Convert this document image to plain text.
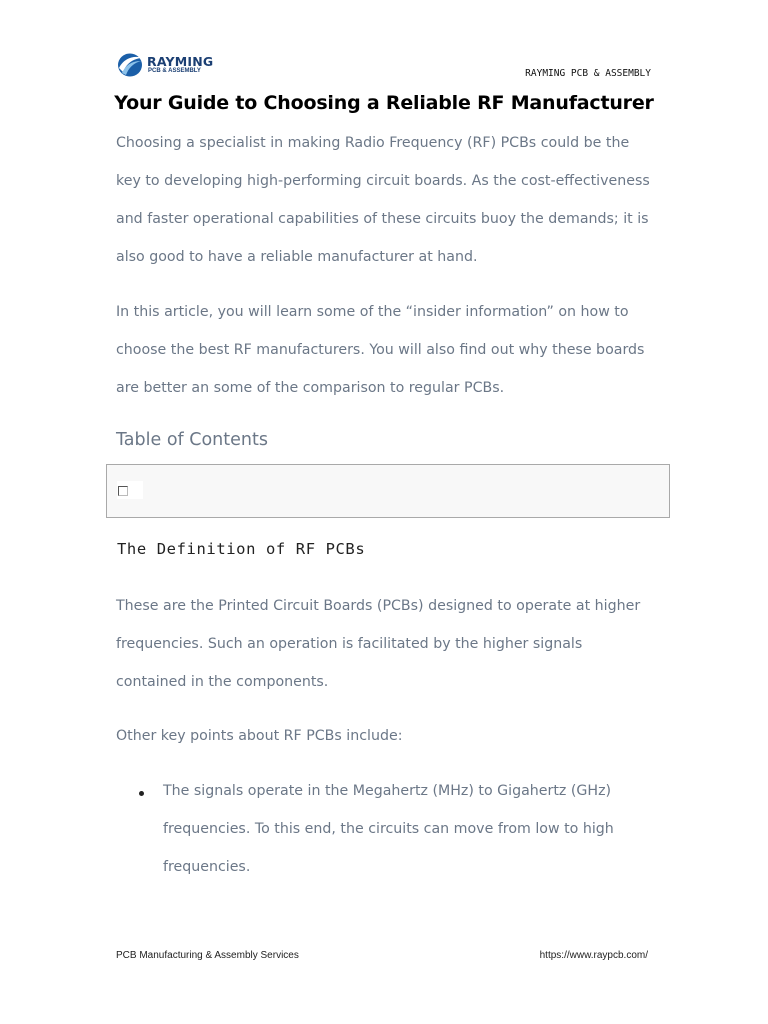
RAYMING
PCB & ASSEMBLY	RAYMING PCB & ASSEMBLY
Your Guide to Choosing a Reliable RF Manufacturer

Choosing a specialist in making Radio Frequency (RF) PCBs could be the
key to developing high-performing circuit boards. As the cost-effectiveness
and faster operational capabilities of these circuits buoy the demands; it is
also good to have a reliable manufacturer at hand.

In this article, you will learn some of the “insider information” on how to
choose the best RF manufacturers. You will also find out why these boards
are better an some of the comparison to regular PCBs.

Table of Contents
The Definition of RF PCBs

These are the Printed Circuit Boards (PCBs) designed to operate at higher
frequencies. Such an operation is facilitated by the higher signals
contained in the components.

Other key points about RF PCBs include:

The signals operate in the Megahertz (MHz) to Gigahertz (GHz)
frequencies. To this end, the circuits can move from low to high
frequencies.
PCB Manufacturing & Assembly Services	https://www.raypcb.com/
